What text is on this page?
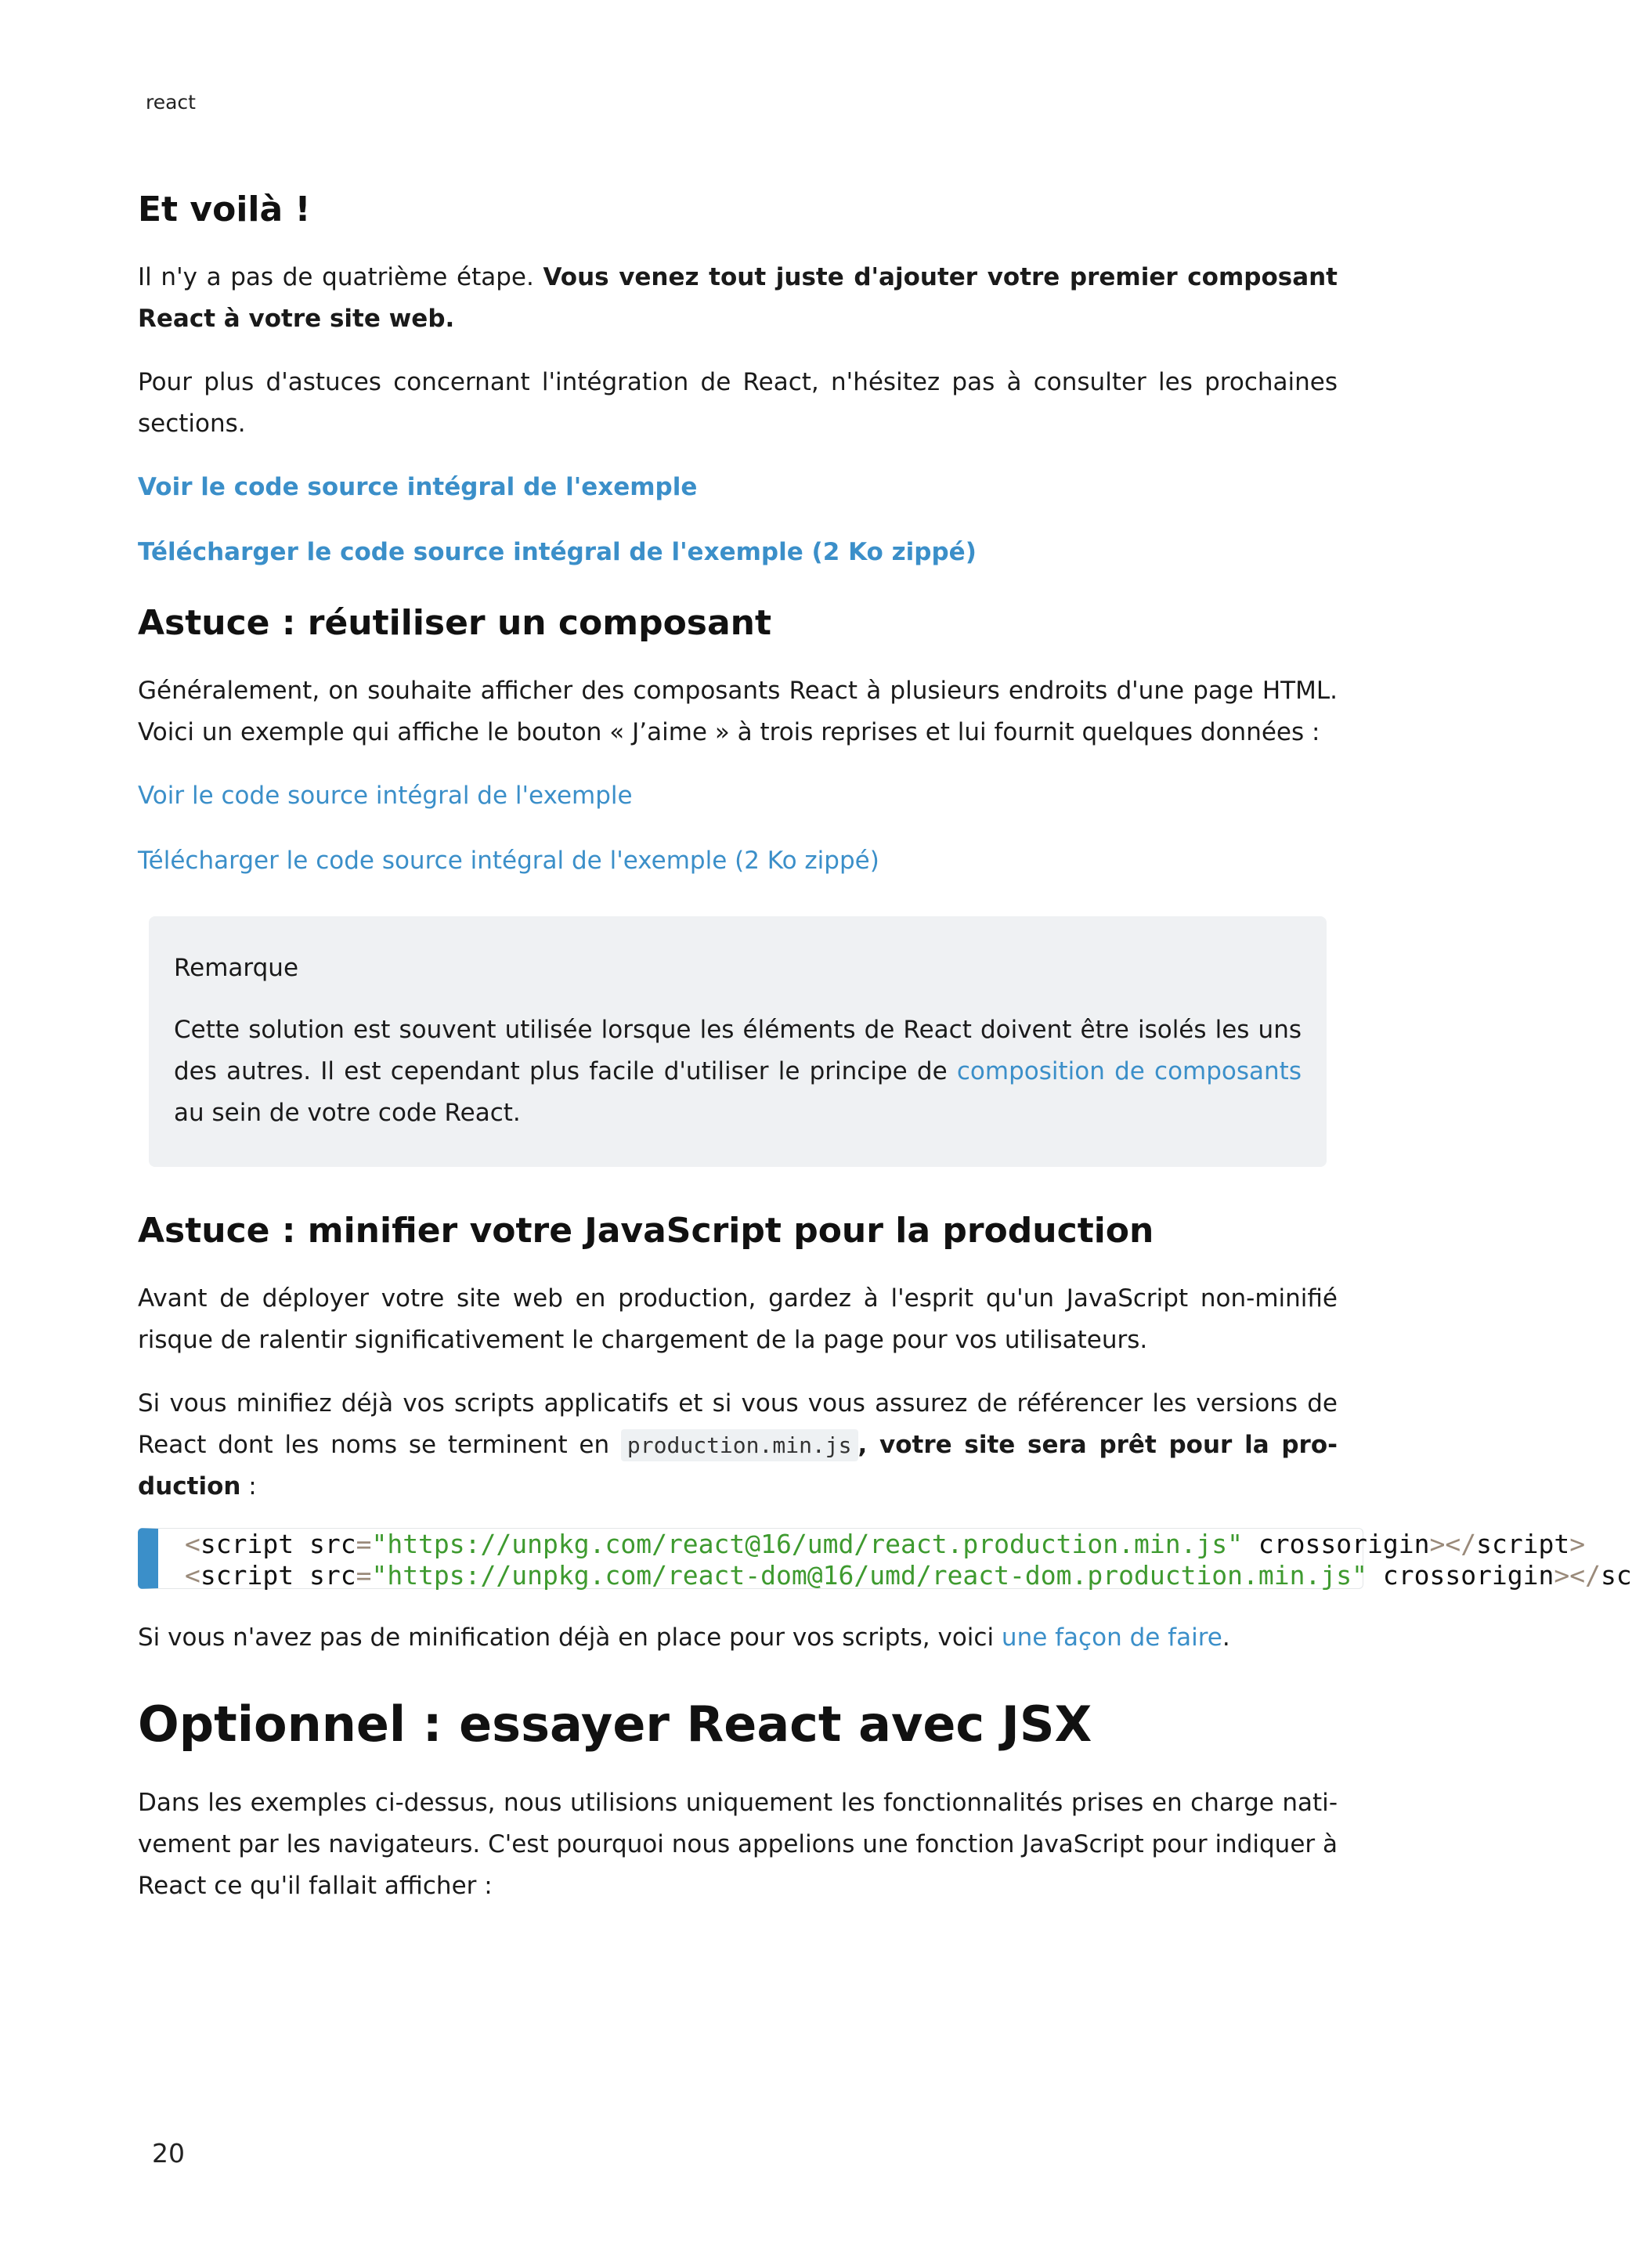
react
Et voilà !

Il n'y a pas de quatrième étape. Vous venez tout juste d'ajouter votre premier composant React à votre site web.

Pour plus d'astuces concernant l'intégration de React, n'hésitez pas à consulter les prochaines sections.

Voir le code source intégral de l'exemple

Télécharger le code source intégral de l'exemple (2 Ko zippé)

Astuce : réutiliser un composant

Généralement, on souhaite afficher des composants React à plusieurs endroits d'une page HTML. Voici un exemple qui affiche le bouton « J’aime » à trois reprises et lui fournit quelques données :

Voir le code source intégral de l'exemple

Télécharger le code source intégral de l'exemple (2 Ko zippé)

Remarque

Cette solution est souvent utilisée lorsque les éléments de React doivent être isolés les uns des autres. Il est cependant plus facile d'utiliser le principe de composition de composants au sein de votre code React.

Astuce : minifier votre JavaScript pour la production

Avant de déployer votre site web en production, gardez à l'esprit qu'un JavaScript non-minifié risque de ralentir significativement le chargement de la page pour vos utilisateurs.

Si vous minifiez déjà vos scripts applicatifs et si vous vous assurez de référencer les versions de React dont les noms se terminent en production.min.js , votre site sera prêt pour la production :

<script src="https://unpkg.com/react@16/umd/react.production.min.js" crossorigin></script>
<script src="https://unpkg.com/react-dom@16/umd/react-dom.production.min.js" crossorigin></sc

Si vous n'avez pas de minification déjà en place pour vos scripts, voici une façon de faire.

Optionnel : essayer React avec JSX

Dans les exemples ci-dessus, nous utilisions uniquement les fonctionnalités prises en charge nativement par les navigateurs. C'est pourquoi nous appelions une fonction JavaScript pour indiquer à React ce qu'il fallait afficher :

20
